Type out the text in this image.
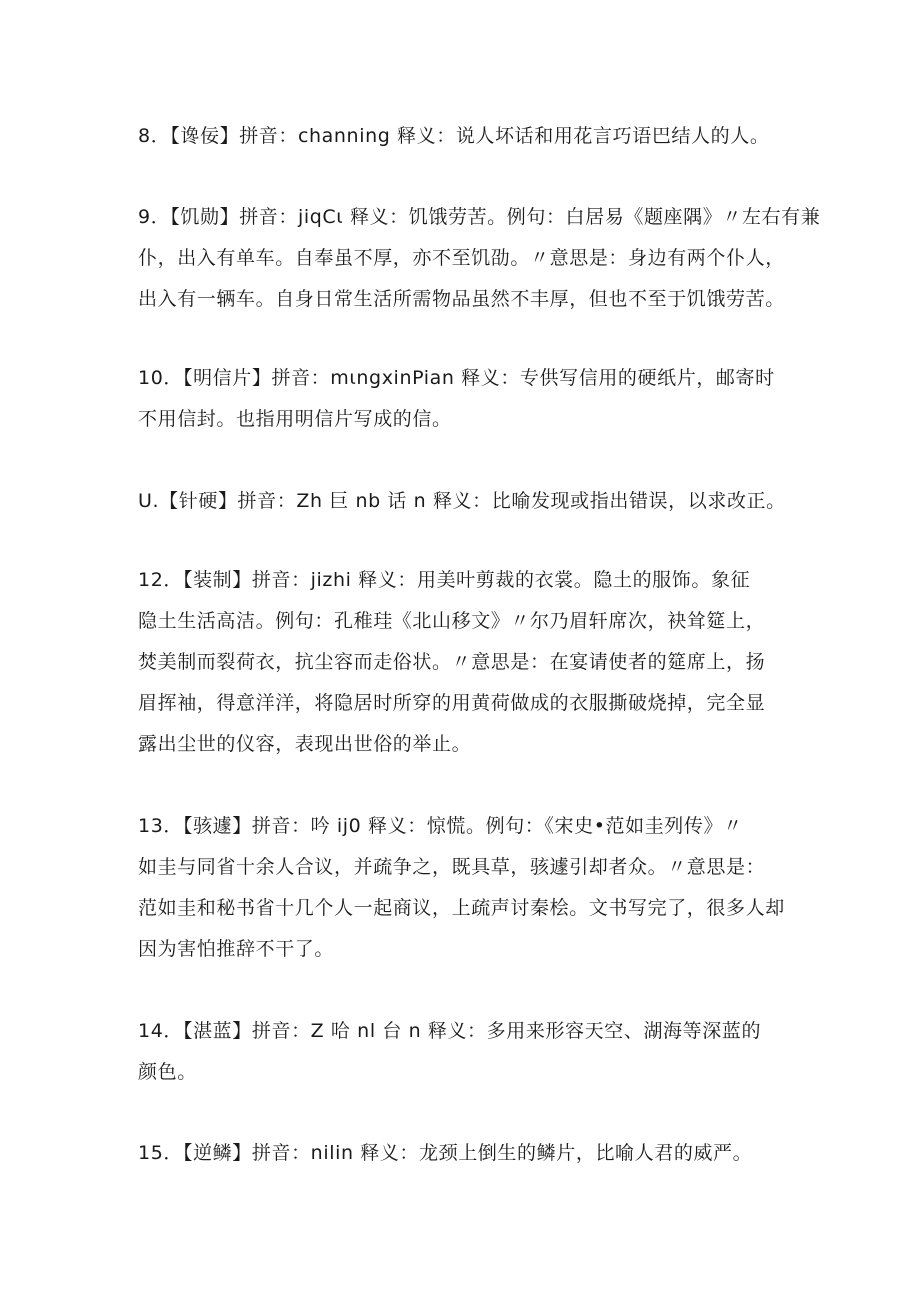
8．【谗佞】拼音：channing 释义：说人坏话和用花言巧语巴结人的人。
9．【饥勋】拼音：jiqCι 释义：饥饿劳苦。例句：白居易《题座隅》〃左右有兼
仆，出入有单车。自奉虽不厚，亦不至饥劭。〃意思是：身边有两个仆人，
出入有一辆车。自身日常生活所需物品虽然不丰厚，但也不至于饥饿劳苦。
10．【明信片】拼音：mιngxinPian 释义：专供写信用的硬纸片，邮寄时
不用信封。也指用明信片写成的信。
U.【针硬】拼音：Zh 巨 nb 话 n 释义：比喻发现或指出错误，以求改正。
12．【装制】拼音：jizhi 释义：用美叶剪裁的衣裳。隐土的服饰。象征
隐土生活高洁。例句：孔稚珪《北山移文》〃尔乃眉轩席次，袂耸筵上，
焚美制而裂荷衣，抗尘容而走俗状。〃意思是：在宴请使者的筵席上，扬
眉挥袖，得意洋洋，将隐居时所穿的用黄荷做成的衣服撕破烧掉，完全显
露出尘世的仪容，表现出世俗的举止。
13．【骇遽】拼音：吟 ij0 释义：惊慌。例句：《宋史•范如圭列传》〃
如圭与同省十余人合议，并疏争之，既具草，骇遽引却者众。〃意思是：
范如圭和秘书省十几个人一起商议，上疏声讨秦桧。文书写完了，很多人却
因为害怕推辞不干了。
14．【湛蓝】拼音：Z 哈 nl 台 n 释义：多用来形容天空、湖海等深蓝的
颜色。
15．【逆鳞】拼音：nilin 释义：龙颈上倒生的鳞片，比喻人君的威严。
